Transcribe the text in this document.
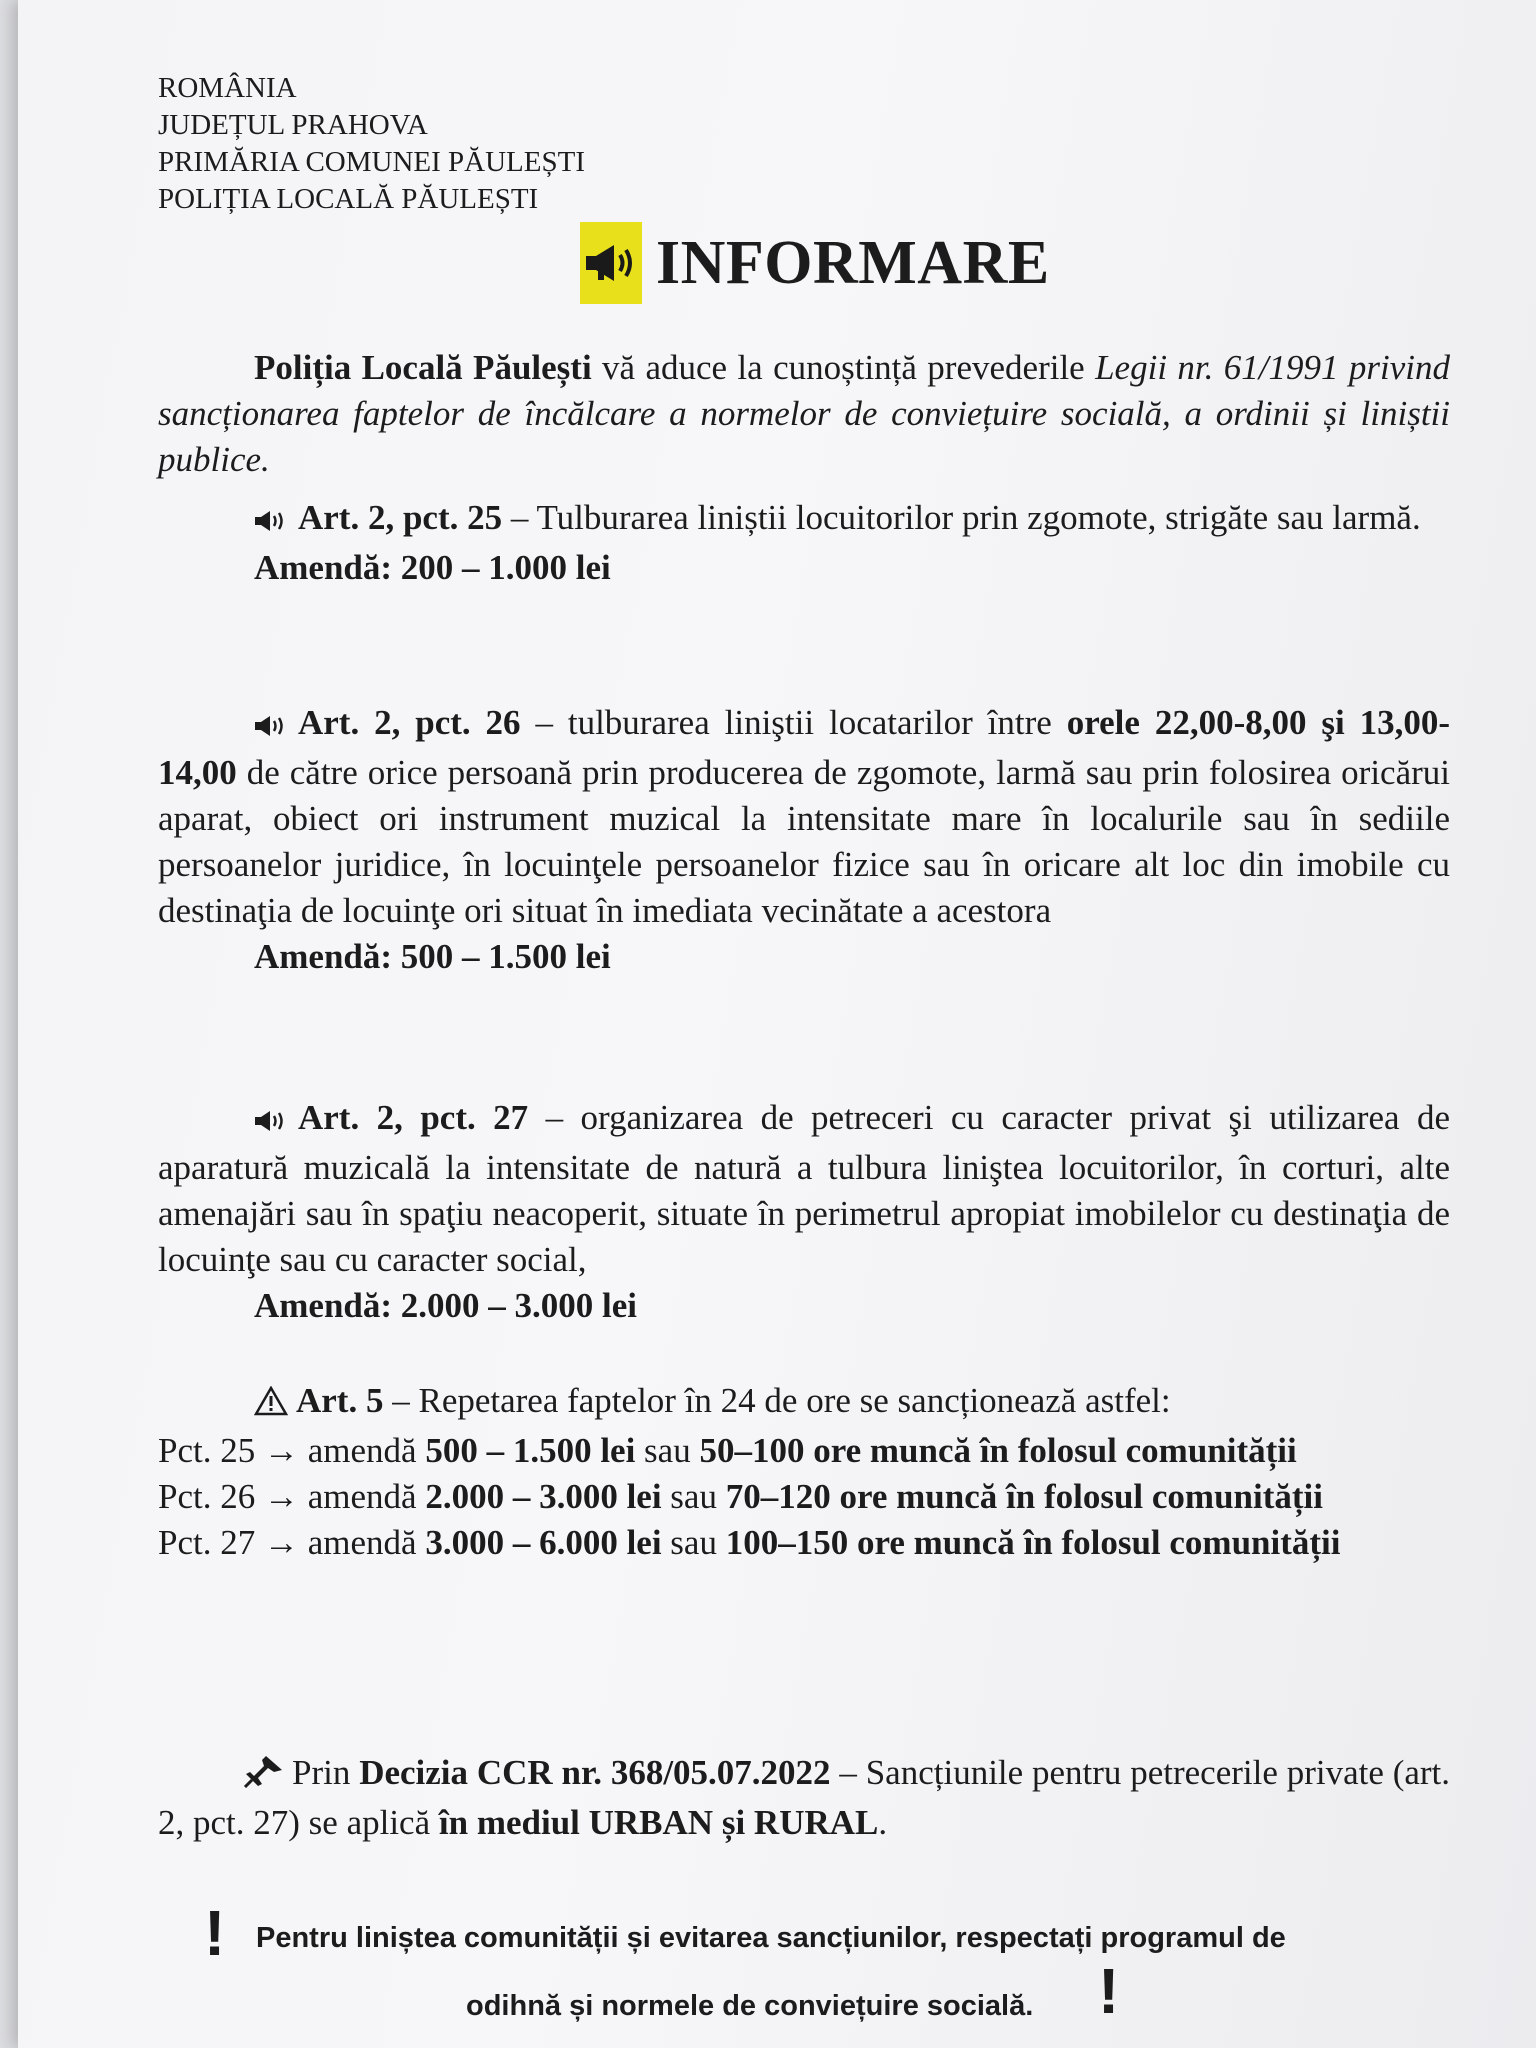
ROMÂNIA
JUDEȚUL PRAHOVA
PRIMĂRIA COMUNEI PĂULEȘTI
POLIȚIA LOCALĂ PĂULEȘTI
INFORMARE
Poliția Locală Păulești vă aduce la cunoștință prevederile Legii nr. 61/1991 privind sancționarea faptelor de încălcare a normelor de conviețuire socială, a ordinii și liniștii publice.
Art. 2, pct. 25 – Tulburarea liniștii locuitorilor prin zgomote, strigăte sau larmă.
Amendă: 200 – 1.000 lei
Art. 2, pct. 26 – tulburarea liniştii locatarilor între orele 22,00-8,00 şi 13,00-14,00 de către orice persoană prin producerea de zgomote, larmă sau prin folosirea oricărui aparat, obiect ori instrument muzical la intensitate mare în localurile sau în sediile persoanelor juridice, în locuinţele persoanelor fizice sau în oricare alt loc din imobile cu destinaţia de locuinţe ori situat în imediata vecinătate a acestora
Amendă: 500 – 1.500 lei
Art. 2, pct. 27 – organizarea de petreceri cu caracter privat şi utilizarea de aparatură muzicală la intensitate de natură a tulbura liniştea locuitorilor, în corturi, alte amenajări sau în spaţiu neacoperit, situate în perimetrul apropiat imobilelor cu destinaţia de locuinţe sau cu caracter social,
Amendă: 2.000 – 3.000 lei
Art. 5 – Repetarea faptelor în 24 de ore se sancționează astfel:
Pct. 25 → amendă 500 – 1.500 lei sau 50–100 ore muncă în folosul comunității
Pct. 26 → amendă 2.000 – 3.000 lei sau 70–120 ore muncă în folosul comunității
Pct. 27 → amendă 3.000 – 6.000 lei sau 100–150 ore muncă în folosul comunității
Prin Decizia CCR nr. 368/05.07.2022 – Sancțiunile pentru petrecerile private (art. 2, pct. 27) se aplică în mediul URBAN și RURAL.
! Pentru liniștea comunității și evitarea sancțiunilor, respectați programul de
odihnă și normele de conviețuire socială. !
